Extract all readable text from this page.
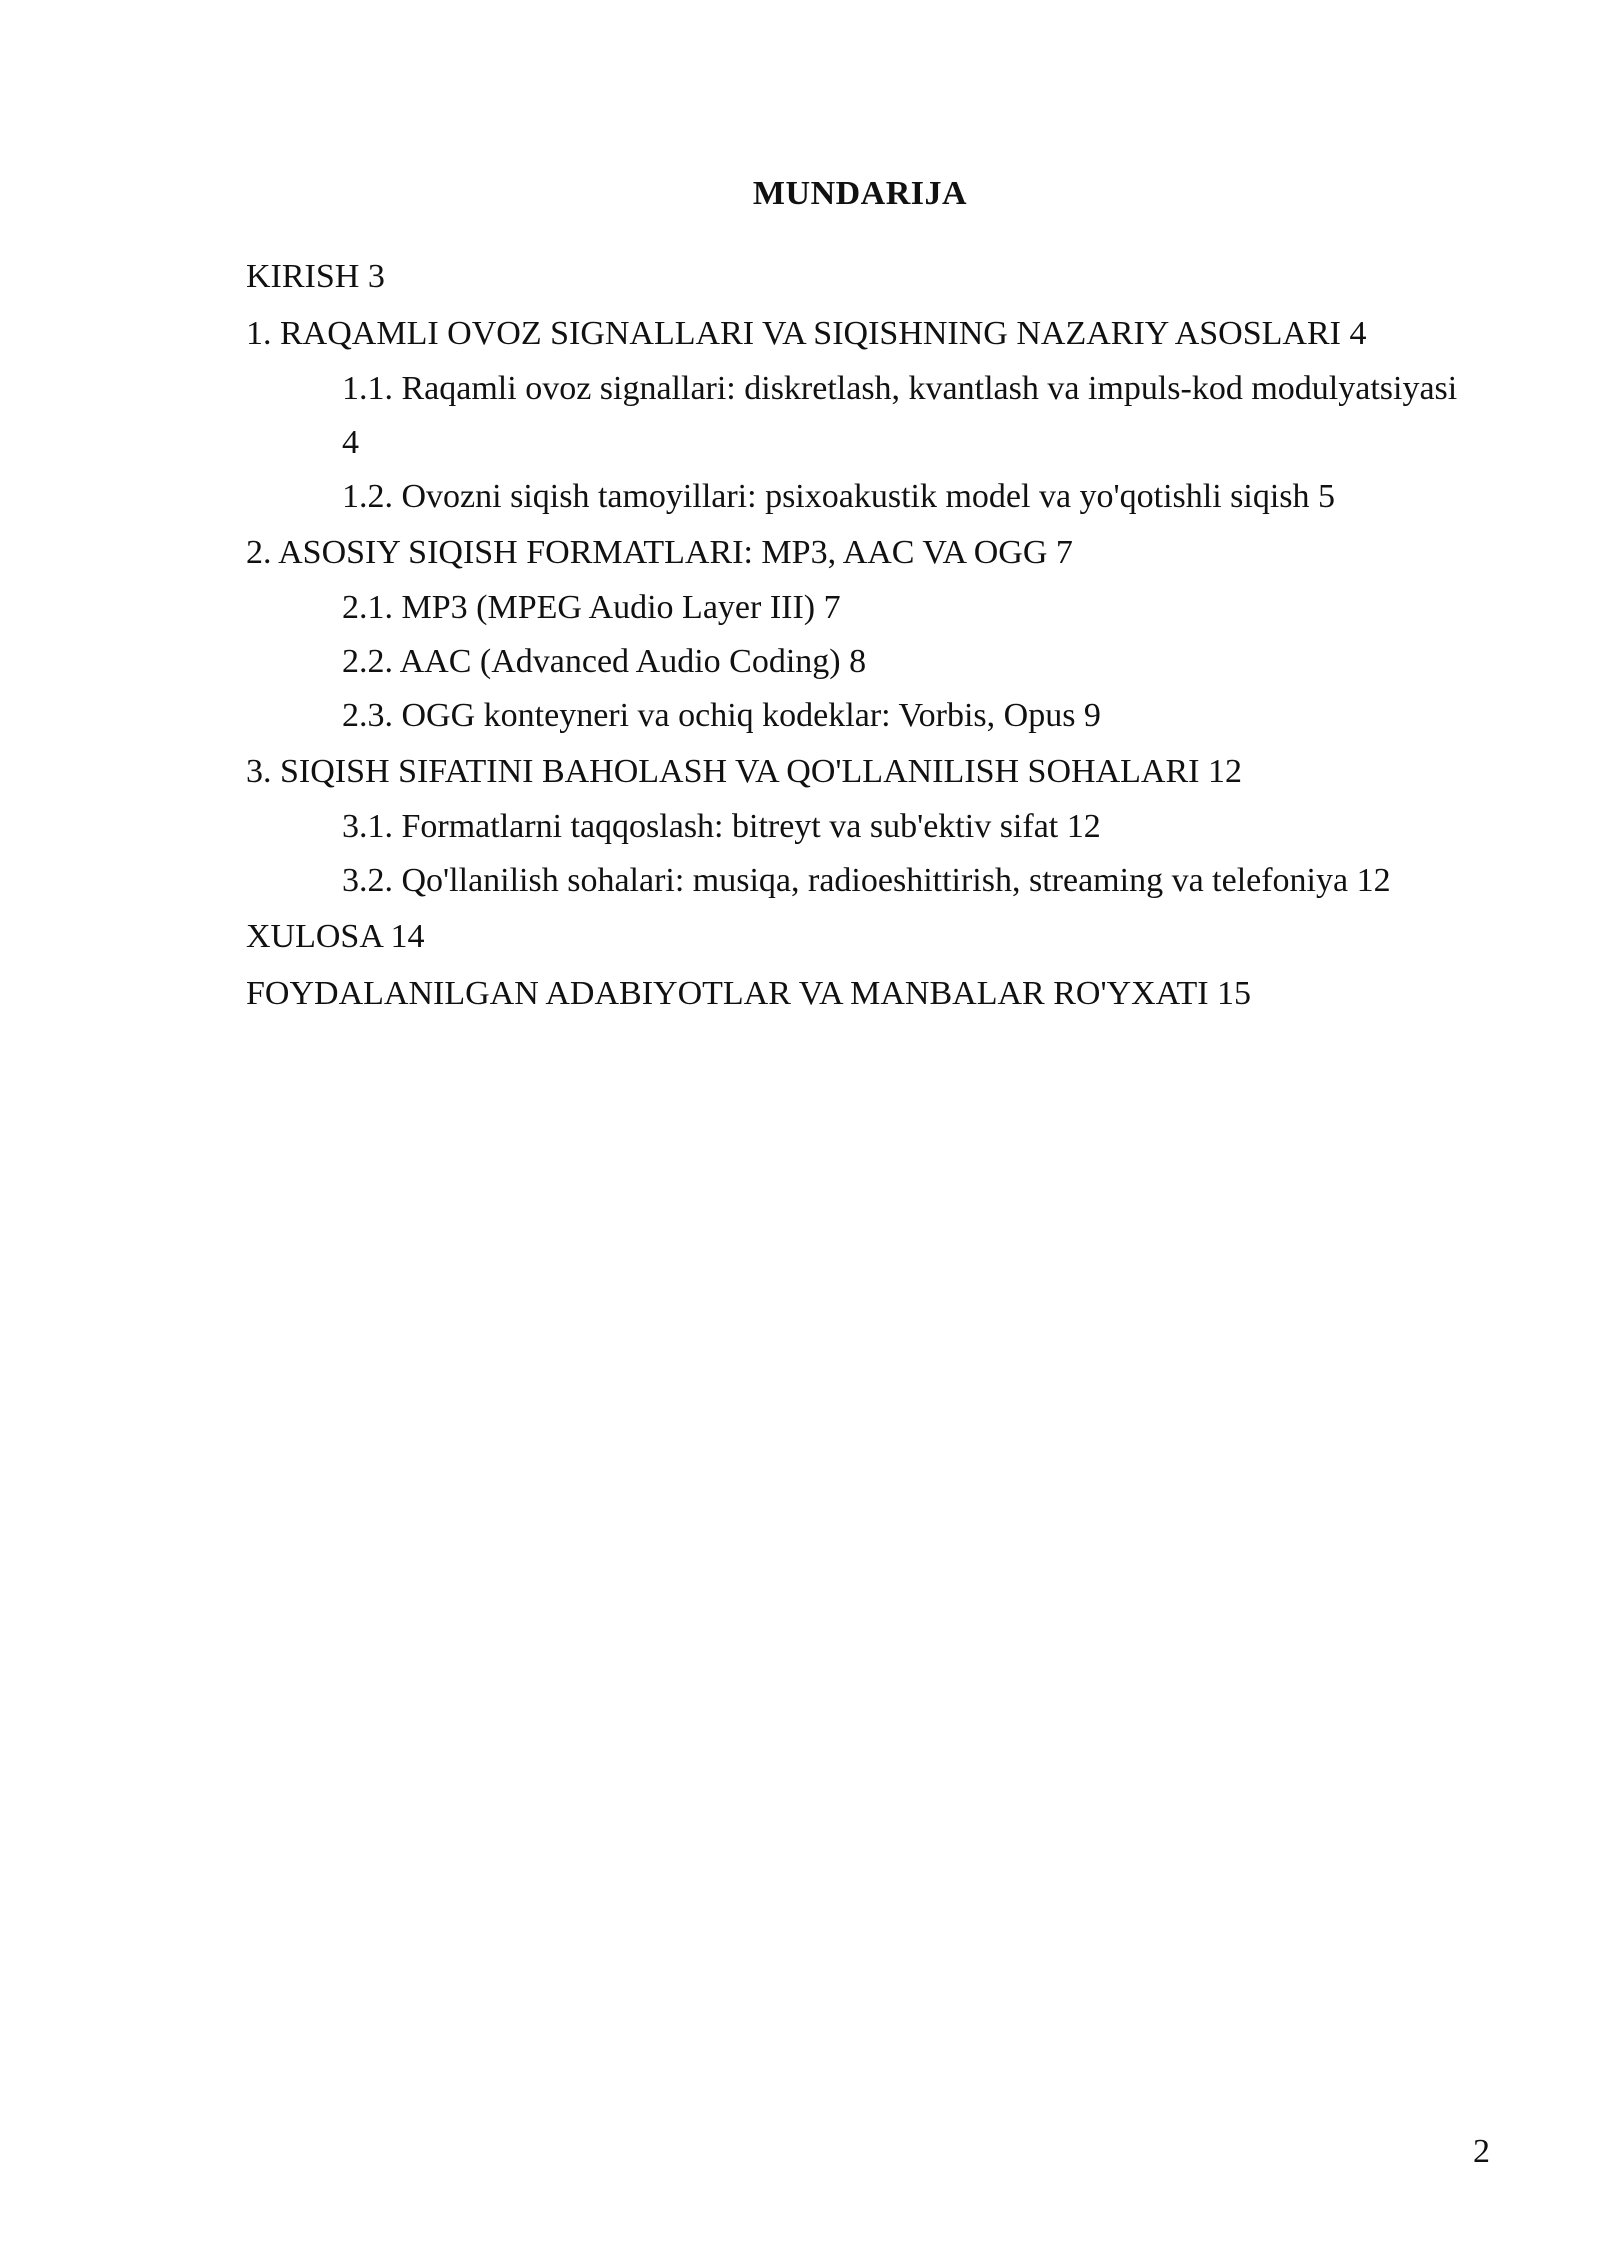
MUNDARIJA
KIRISH 3
1. RAQAMLI OVOZ SIGNALLARI VA SIQISHNING NAZARIY ASOSLARI 4
1.1. Raqamli ovoz signallari: diskretlash, kvantlash va impuls-kod modulyatsiyasi 4
1.2. Ovozni siqish tamoyillari: psixoakustik model va yo'qotishli siqish 5
2. ASOSIY SIQISH FORMATLARI: MP3, AAC VA OGG 7
2.1. MP3 (MPEG Audio Layer III) 7
2.2. AAC (Advanced Audio Coding) 8
2.3. OGG konteyneri va ochiq kodeklar: Vorbis, Opus 9
3. SIQISH SIFATINI BAHOLASH VA QO'LLANILISH SOHALARI 12
3.1. Formatlarni taqqoslash: bitreyt va sub'ektiv sifat 12
3.2. Qo'llanilish sohalari: musiqa, radioeshittirish, streaming va telefoniya 12
XULOSA 14
FOYDALANILGAN ADABIYOTLAR VA MANBALAR RO'YXATI 15
2
